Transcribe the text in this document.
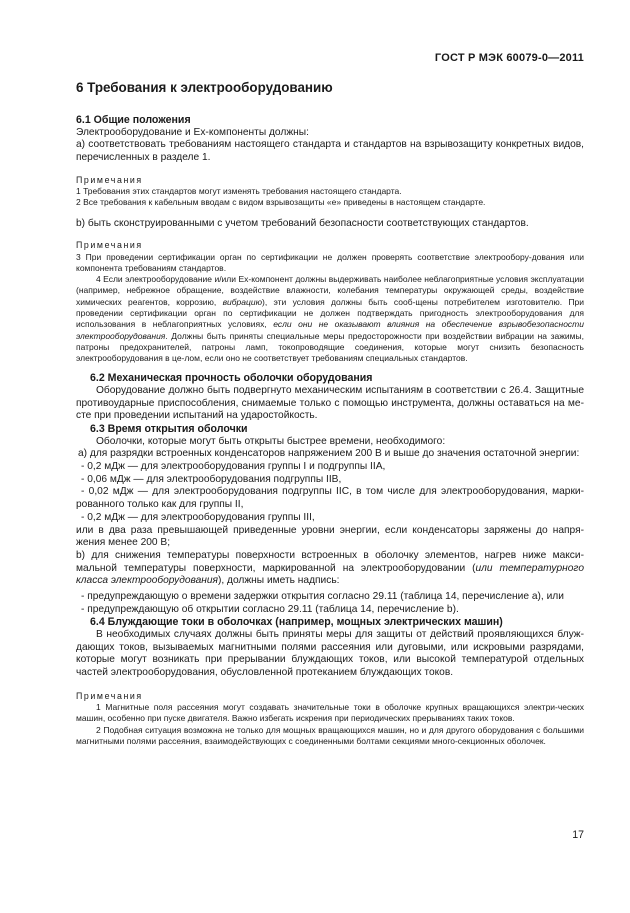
ГОСТ Р МЭК 60079-0—2011
6 Требования к электрооборудованию

6.1 Общие положения

Электрооборудование и Ех-компоненты должны:

а) соответствовать требованиям настоящего стандарта и стандартов на взрывозащиту конкретных видов, перечисленных в разделе 1.

Примечания

1 Требования этих стандартов могут изменять требования настоящего стандарта.

2 Все требования к кабельным вводам с видом взрывозащиты «е» приведены в настоящем стандарте.

b) быть сконструированными с учетом требований безопасности соответствующих стандартов.

Примечания

3 При проведении сертификации орган по сертификации не должен проверять соответствие электрообору-дования или компонента требованиям стандартов.

4 Если электрооборудование и/или Ех-компонент должны выдерживать наиболее неблагоприятные условия эксплуатации (например, небрежное обращение, воздействие влажности, колебания температуры окружающей среды, воздействие химических реагентов, коррозию, вибрацию), эти условия должны быть сооб-щены потребителем изготовителю. При проведении сертификации орган по сертификации не должен подтверждать пригодность электрооборудования для использования в неблагоприятных условиях, если они не оказывают влияния на обеспечение взрывобезопасности электрооборудования. Должны быть приняты специальные меры предосторожности при воздействии вибрации на зажимы, патроны предохранителей, патроны ламп, токопроводящие соединения, которые могут снизить безопасность электрооборудования в це-лом, если оно не соответствует требованиям специальных стандартов.

6.2 Механическая прочность оболочки оборудования

Оборудование должно быть подвергнуто механическим испытаниям в соответствии с 26.4. Защитные противоударные приспособления, снимаемые только с помощью инструмента, должны оставаться на ме-сте при проведении испытаний на ударостойкость.

6.3 Время открытия оболочки

Оболочки, которые могут быть открыты быстрее времени, необходимого:

а) для разрядки встроенных конденсаторов напряжением 200 В и выше до значения остаточной энергии:

- 0,2 мДж — для электрооборудования группы I и подгруппы IIA,

- 0,06 мДж — для электрооборудования подгруппы IIB,

- 0,02 мДж — для электрооборудования подгруппы IIC, в том числе для электрооборудования, марки-рованного только как для группы II,

- 0,2 мДж — для электрооборудования группы III,

или в два раза превышающей приведенные уровни энергии, если конденсаторы заряжены до напря-жения менее 200 В;

b) для снижения температуры поверхности встроенных в оболочку элементов, нагрев ниже макси-мальной температуры поверхности, маркированной на электрооборудовании (или температурного класса электрооборудования), должны иметь надпись:

- предупреждающую о времени задержки открытия согласно 29.11 (таблица 14, перечисление a), или

- предупреждающую об открытии согласно 29.11 (таблица 14, перечисление b).

6.4 Блуждающие токи в оболочках (например, мощных электрических машин)

В необходимых случаях должны быть приняты меры для защиты от действий проявляющихся блуж-дающих токов, вызываемых магнитными полями рассеяния или дуговыми, или искровыми разрядами, которые могут возникать при прерывании блуждающих токов, или высокой температурой отдельных частей электрооборудования, обусловленной протеканием блуждающих токов.

Примечания

1 Магнитные поля рассеяния могут создавать значительные токи в оболочке крупных вращающихся электри-ческих машин, особенно при пуске двигателя. Важно избегать искрения при периодических прерываниях таких токов.

2 Подобная ситуация возможна не только для мощных вращающихся машин, но и для другого оборудования с большими магнитными полями рассеяния, взаимодействующих с соединенными болтами секциями много-секционных оболочек.

17
